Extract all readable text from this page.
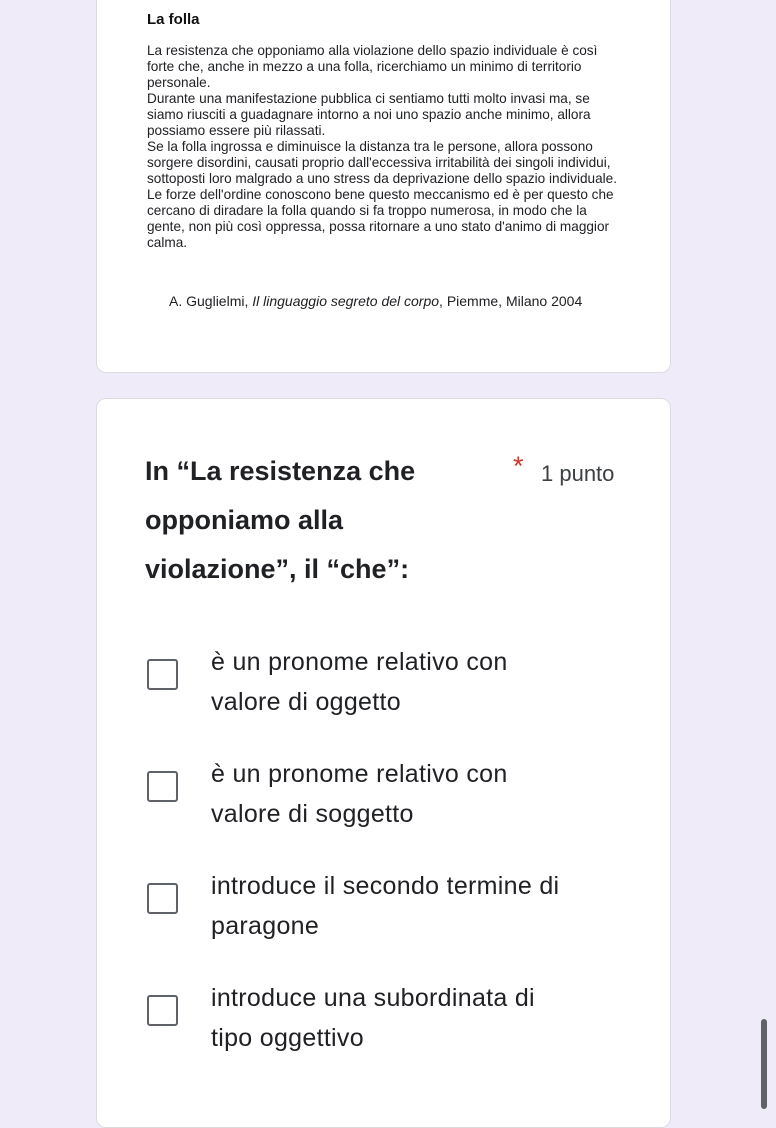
La folla

La resistenza che opponiamo alla violazione dello spazio individuale è così forte che, anche in mezzo a una folla, ricerchiamo un minimo di territorio personale.

Durante una manifestazione pubblica ci sentiamo tutti molto invasi ma, se siamo riusciti a guadagnare intorno a noi uno spazio anche minimo, allora possiamo essere più rilassati.

Se la folla ingrossa e diminuisce la distanza tra le persone, allora possono sorgere disordini, causati proprio dall'eccessiva irritabilità dei singoli individui, sottoposti loro malgrado a uno stress da deprivazione dello spazio individuale.

Le forze dell'ordine conoscono bene questo meccanismo ed è per questo che cercano di diradare la folla quando si fa troppo numerosa, in modo che la gente, non più così oppressa, possa ritornare a uno stato d'animo di maggior calma.

A. Guglielmi, Il linguaggio segreto del corpo, Piemme, Milano 2004
In “La resistenza che opponiamo alla violazione”, il “che”:
* 1 punto
è un pronome relativo con valore di oggetto
è un pronome relativo con valore di soggetto
introduce il secondo termine di paragone
introduce una subordinata di tipo oggettivo
